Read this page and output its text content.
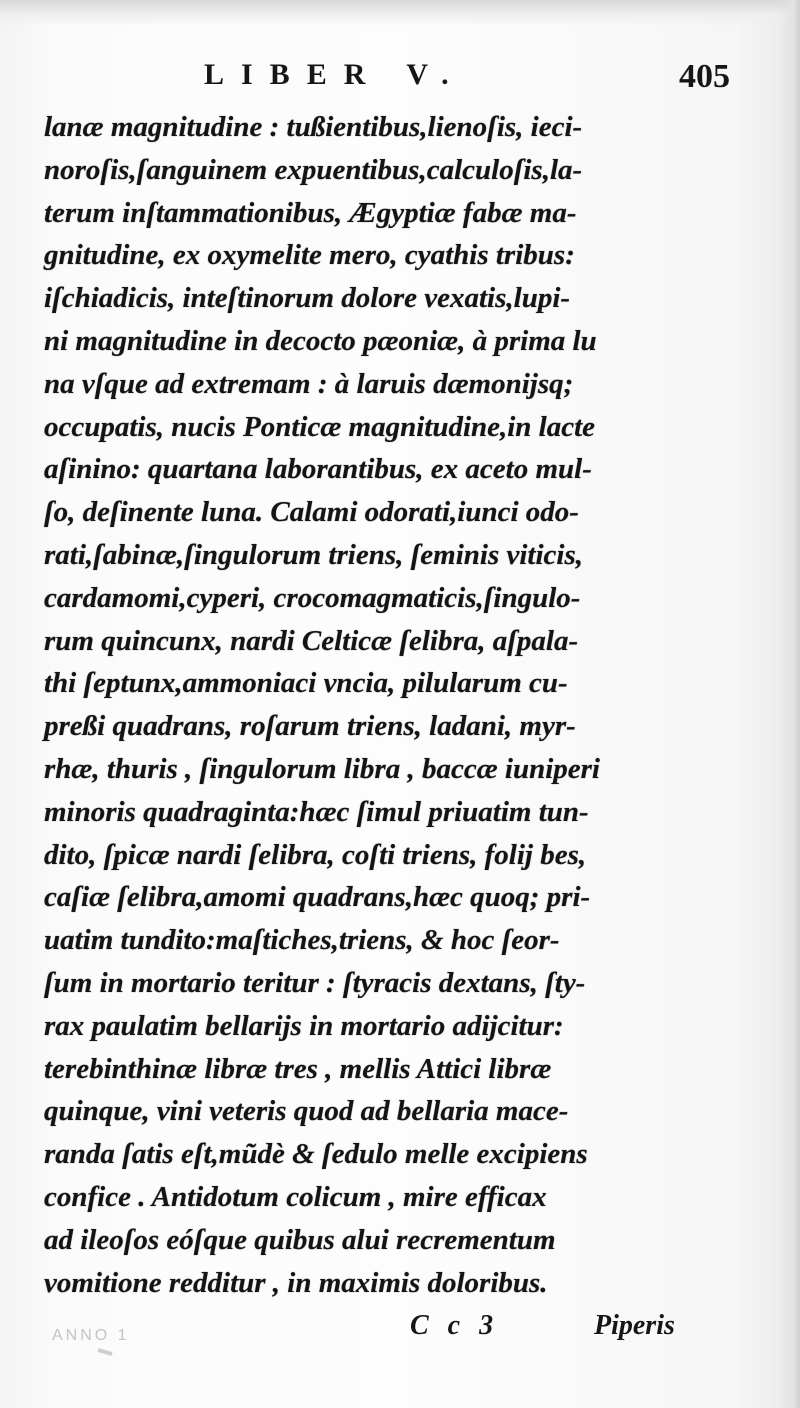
LIBER V.	405
lanæ magnitudine : tußientibus,lienoſis, ieci-
noroſis,ſanguinem expuentibus,calculoſis,la-
terum inſtammationibus, Ægyptiæ fabæ ma-
gnitudine, ex oxymelite mero, cyathis tribus:
iſchiadicis, inteſtinorum dolore vexatis,lupi-
ni magnitudine in decocto pæoniæ, à prima lu
na vſque ad extremam : à laruis dæmonijsq;
occupatis, nucis Ponticæ magnitudine,in lacte
aſinino: quartana laborantibus, ex aceto mul-
ſo, deſinente luna. Calami odorati,iunci odo-
rati,ſabinæ,ſingulorum triens, ſeminis viticis,
cardamomi,cyperi, crocomagmaticis,ſingulo-
rum quincunx, nardi Celticæ ſelibra, aſpala-
thi ſeptunx,ammoniaci vncia, pilularum cu-
preßi quadrans, roſarum triens, ladani, myr-
rhæ, thuris , ſingulorum libra , baccæ iuniperi
minoris quadraginta:hæc ſimul priuatim tun-
dito, ſpicæ nardi ſelibra, coſti triens, folij bes,
caſiæ ſelibra,amomi quadrans,hæc quoq; pri-
uatim tundito:maſtiches,triens, & hoc ſeor-
ſum in mortario teritur : ſtyracis dextans, ſty-
rax paulatim bellarijs in mortario adijcitur:
terebinthinæ libræ tres , mellis Attici libræ
quinque, vini veteris quod ad bellaria mace-
randa ſatis eſt,mũdè & ſedulo melle excipiens
confice . Antidotum colicum , mire efficax
ad ileoſos eóſque quibus alui recrementum
vomitione redditur , in maximis doloribus.
ANNO 1	C c 3	Piperis
